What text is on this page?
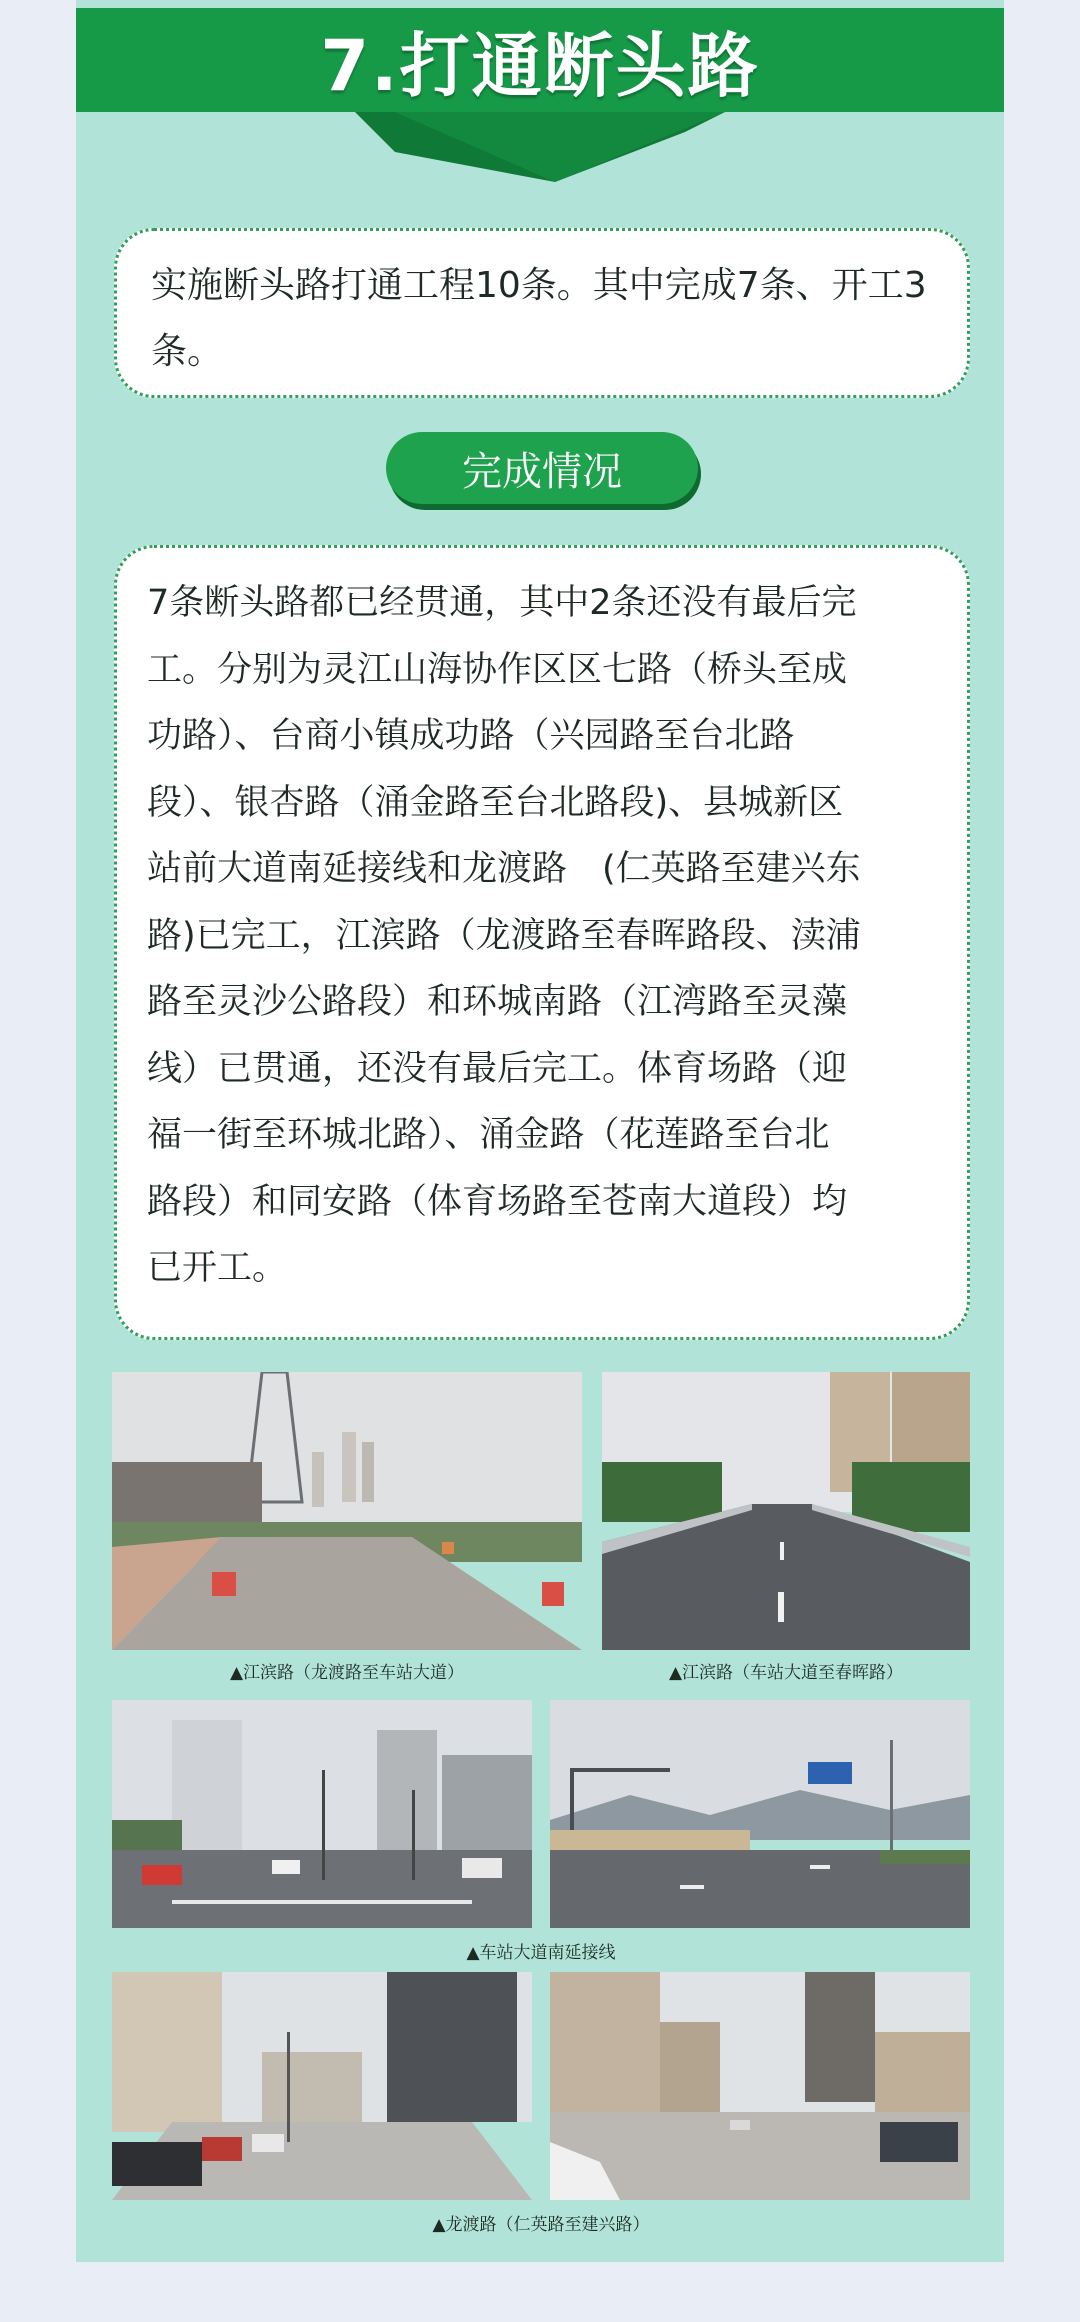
7.打通断头路
实施断头路打通工程10条。其中完成7条、开工3条。
完成情况
7条断头路都已经贯通，其中2条还没有最后完
工。分别为灵江山海协作区区七路（桥头至成
功路）、台商小镇成功路（兴园路至台北路
段）、银杏路（涌金路至台北路段)、县城新区
站前大道南延接线和龙渡路　(仁英路至建兴东
路)已完工，江滨路（龙渡路至春晖路段、渎浦
路至灵沙公路段）和环城南路（江湾路至灵藻
线）已贯通，还没有最后完工。体育场路（迎
福一街至环城北路）、涌金路（花莲路至台北
路段）和同安路（体育场路至苍南大道段）均
已开工。
▲江滨路（龙渡路至车站大道）	▲江滨路（车站大道至春晖路）
▲车站大道南延接线
▲龙渡路（仁英路至建兴路）
